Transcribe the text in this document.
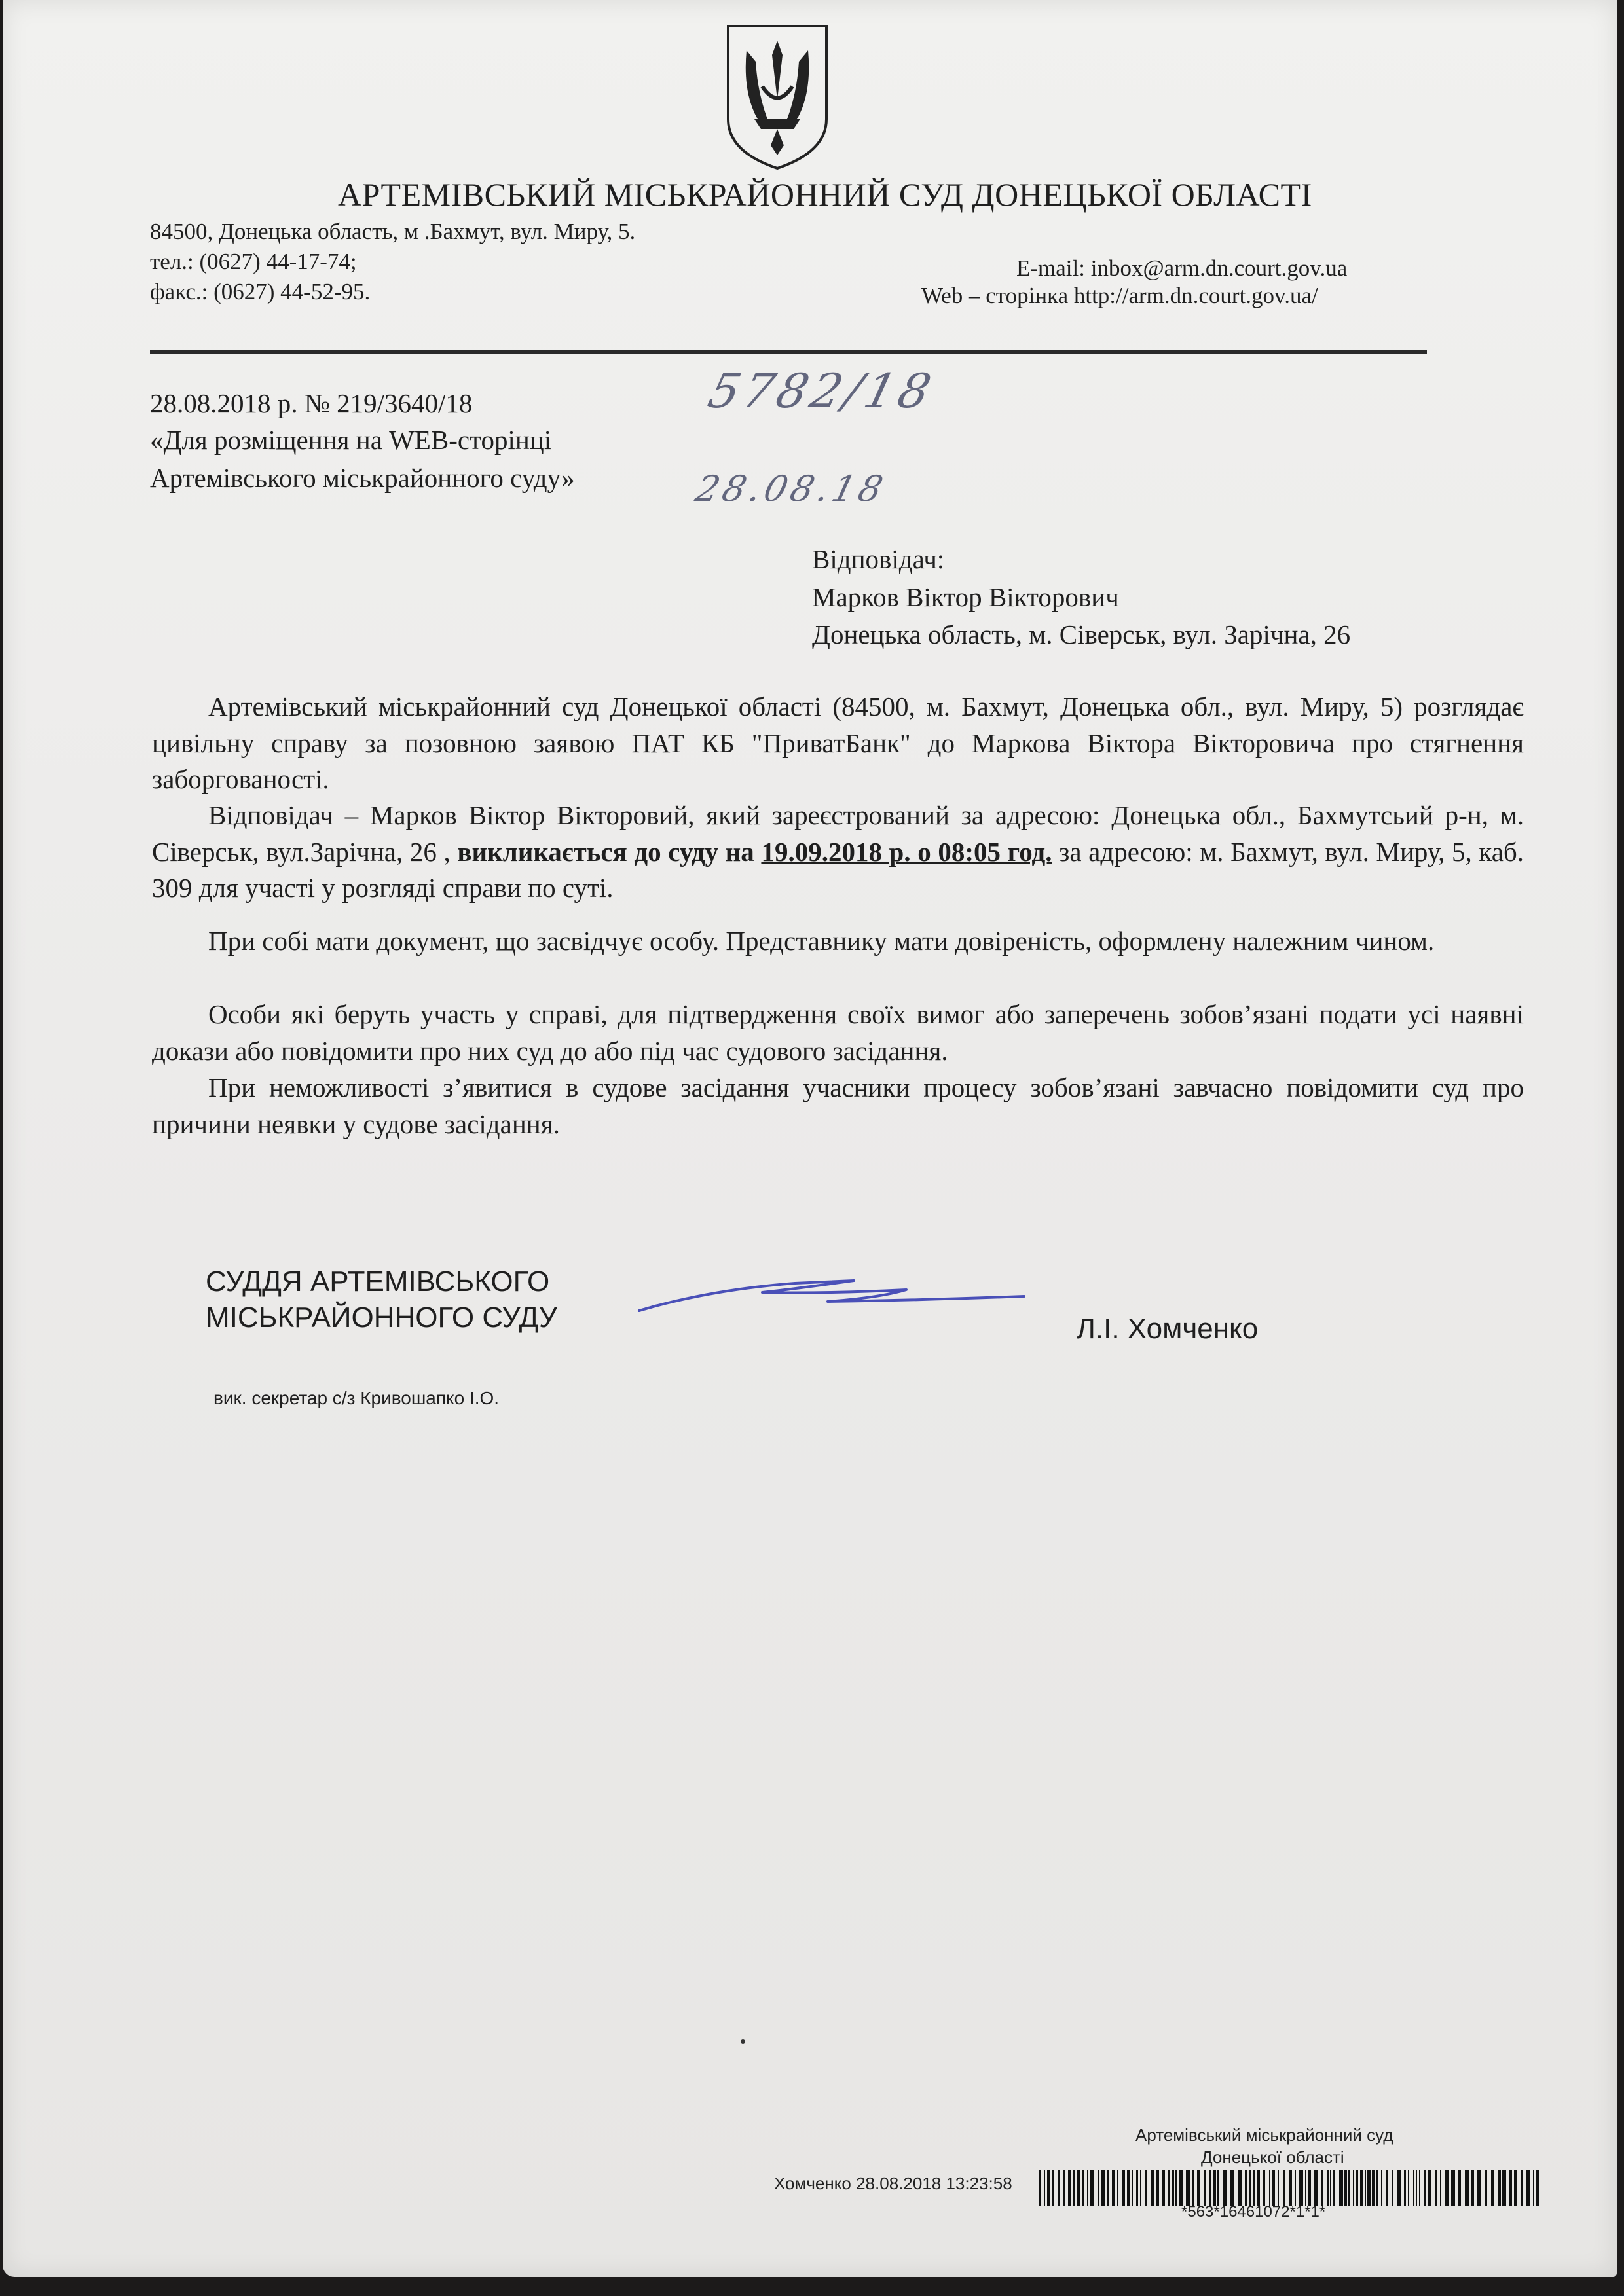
АРТЕМІВСЬКИЙ МІСЬКРАЙОННИЙ СУД ДОНЕЦЬКОЇ ОБЛАСТІ
84500, Донецька область, м .Бахмут, вул. Миру, 5.
тел.: (0627) 44-17-74;
факс.: (0627) 44-52-95.
E-mail: inbox@arm.dn.court.gov.ua
Web – сторінка http://arm.dn.court.gov.ua/
28.08.2018 р. № 219/3640/18
«Для розміщення на WEB-сторінці
Артемівського міськрайонного суду»
5782/18
28.08.18
Відповідач:
Марков Віктор Вікторович
Донецька область, м. Сіверськ, вул. Зарічна, 26

Артемівський міськрайонний суд Донецької області (84500, м. Бахмут, Донецька обл., вул. Миру, 5) розглядає цивільну справу за позовною заявою ПАТ КБ "ПриватБанк" до Маркова Віктора Вікторовича про стягнення заборгованості.

Відповідач – Марков Віктор Вікторовий, який зареєстрований за адресою: Донецька обл., Бахмутсьий р-н, м. Сіверськ, вул.Зарічна, 26 , викликається до суду на 19.09.2018 р. о 08:05 год. за адресою: м. Бахмут, вул. Миру, 5, каб. 309 для участі у розгляді справи по суті.

При собі мати документ, що засвідчує особу. Представнику мати довіреність, оформлену належним чином.

Особи які беруть участь у справі, для підтвердження своїх вимог або заперечень зобов’язані подати усі наявні докази або повідомити про них суд до або під час судового засідання.

При неможливості з’явитися в судове засідання учасники процесу зобов’язані завчасно повідомити суд про причини неявки у судове засідання.

СУДДЯ АРТЕМІВСЬКОГО
МІСЬКРАЙОННОГО СУДУ	Л.І. Хомченко
вик. секретар с/з Кривошапко І.О.
Артемівський міськрайонний суд
Донецької області
Хомченко 28.08.2018 13:23:58
*563*16461072*1*1*
